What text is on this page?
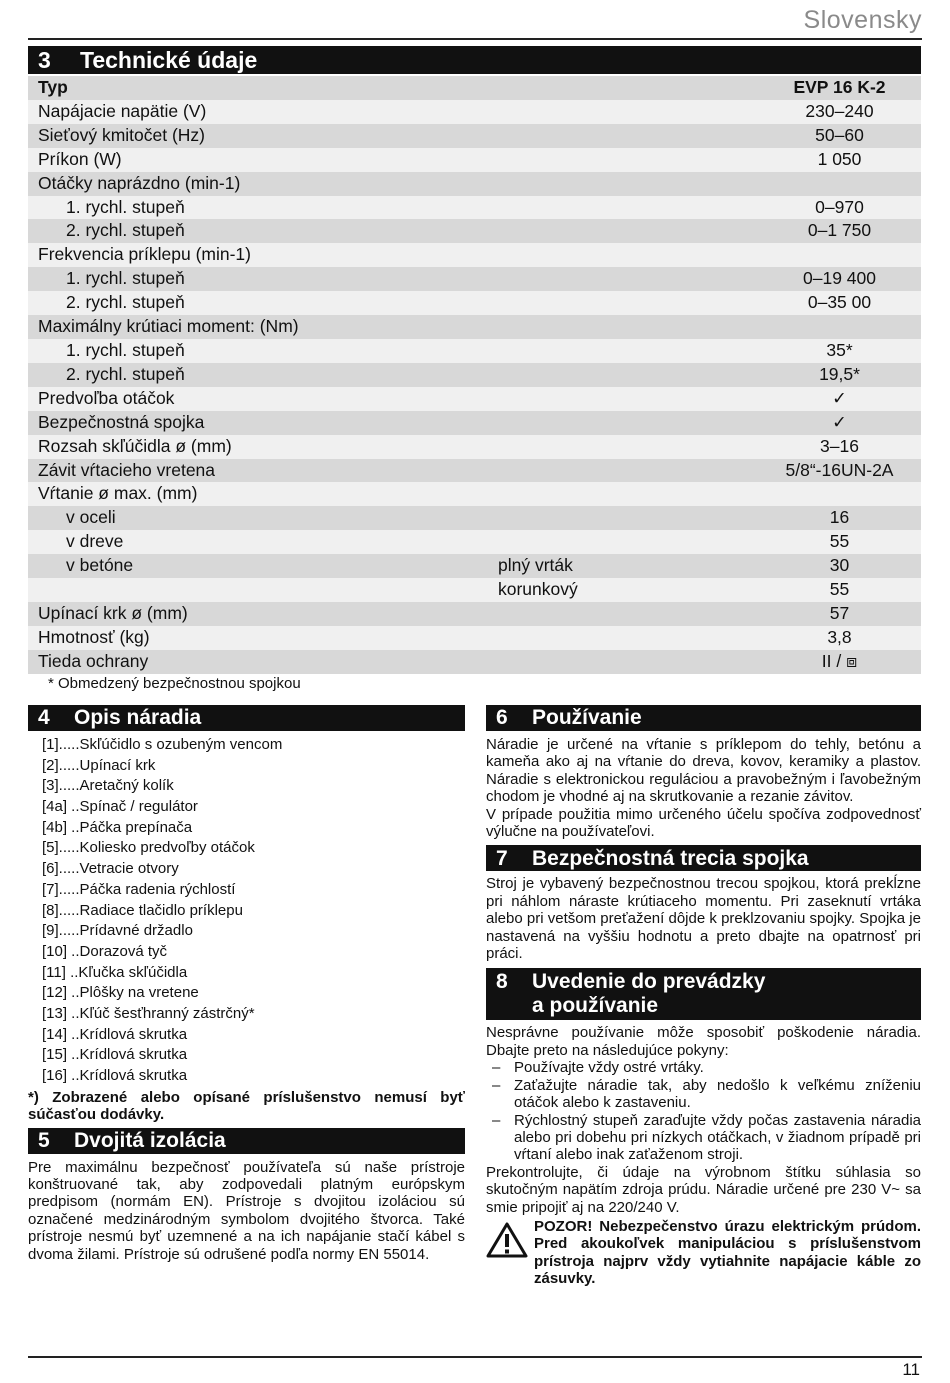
Slovensky
3	Technické údaje
Typ		EVP 16 K-2
Napájacie napätie (V)		230–240
Sieťový kmitočet (Hz)		50–60
Príkon (W)		1 050
Otáčky naprázdno (min-1)		
1. rychl. stupeň		0–970
2. rychl. stupeň		0–1 750
Frekvencia príklepu (min-1)		
1. rychl. stupeň		0–19 400
2. rychl. stupeň		0–35 00
Maximálny krútiaci moment: (Nm)		
1. rychl. stupeň		35*
2. rychl. stupeň		19,5*
Predvoľba otáčok		✓
Bezpečnostná spojka		✓
Rozsah skľúčidla ø (mm)		3–16
Závit vŕtacieho vretena		5/8“-16UN-2A
Vŕtanie ø max. (mm)		
v oceli		16
v dreve		55
v betóne	plný vrták	30
	korunkový	55
Upínací krk ø (mm)		57
Hmotnosť (kg)		3,8
Tieda ochrany		II / ⧈
* Obmedzený bezpečnostnou spojkou
4	Opis náradia
[1].....Skľúčidlo s ozubeným vencom
[2].....Upínací krk
[3].....Aretačný kolík
[4a] ..Spínač / regulátor
[4b] ..Páčka prepínača
[5].....Koliesko predvoľby otáčok
[6].....Vetracie otvory
[7].....Páčka radenia rýchlostí
[8].....Radiace tlačidlo príklepu
[9].....Prídavné držadlo
[10] ..Dorazová tyč
[11] ..Kľučka skľúčidla
[12] ..Plôšky na vretene
[13] ..Kľúč šesťhranný zástrčný*
[14] ..Krídlová skrutka
[15] ..Krídlová skrutka
[16] ..Krídlová skrutka

*) Zobrazené alebo opísané príslušenstvo nemusí byť súčasťou dodávky.

5	Dvojitá izolácia

Pre maximálnu bezpečnosť používateľa sú naše prístroje konštruované tak, aby zodpovedali platným európskym predpisom (normám EN). Prístroje s dvojitou izoláciou sú označené medzinárodným symbolom dvojitého štvorca. Také prístroje nesmú byť uzemnené a na ich napájanie stačí kábel s dvoma žilami. Prístroje sú odrušené podľa normy EN 55014.

6	Používanie

Náradie je určené na vŕtanie s príklepom do tehly, betónu a kameňa ako aj na vŕtanie do dreva, kovov, keramiky a plastov. Náradie s elektronickou reguláciou a pravobežným i ľavobežným chodom je vhodné aj na skrutkovanie a rezanie závitov.

V prípade použitia mimo určeného účelu spočíva zodpovednosť výlučne na používateľovi.

7	Bezpečnostná trecia spojka

Stroj je vybavený bezpečnostnou trecou spojkou, ktorá prekĺzne pri náhlom náraste krútiaceho momentu. Pri zaseknutí vrtáka alebo pri vetšom preťažení dôjde k preklzovaniu spojky. Spojka je nastavená na vyššiu hodnotu a preto dbajte na opatrnosť pri práci.

8	Uvedenie do prevádzky
a používanie

Nesprávne používanie môže sposobiť poškodenie náradia. Dbajte preto na následujúce pokyny:

– Používajte vždy ostré vrtáky.
– Zaťažujte náradie tak, aby nedošlo k veľkému zníženiu otáčok alebo k zastaveniu.
– Rýchlostný stupeň zaraďujte vždy počas zastavenia náradia alebo pri dobehu pri nízkych otáčkach, v žiadnom prípadě pri vŕtaní alebo inak zaťaženom stroji.

Prekontrolujte, či údaje na výrobnom štítku súhlasia so skutočným napätím zdroja prúdu. Náradie určené pre 230 V~ sa smie pripojiť aj na 220/240 V.

POZOR! Nebezpečenstvo úrazu elektrickým prúdom. Pred akoukoľvek manipuláciou s príslušenstvom prístroja najprv vždy vytiahnite napájacie káble zo zásuvky.

11
